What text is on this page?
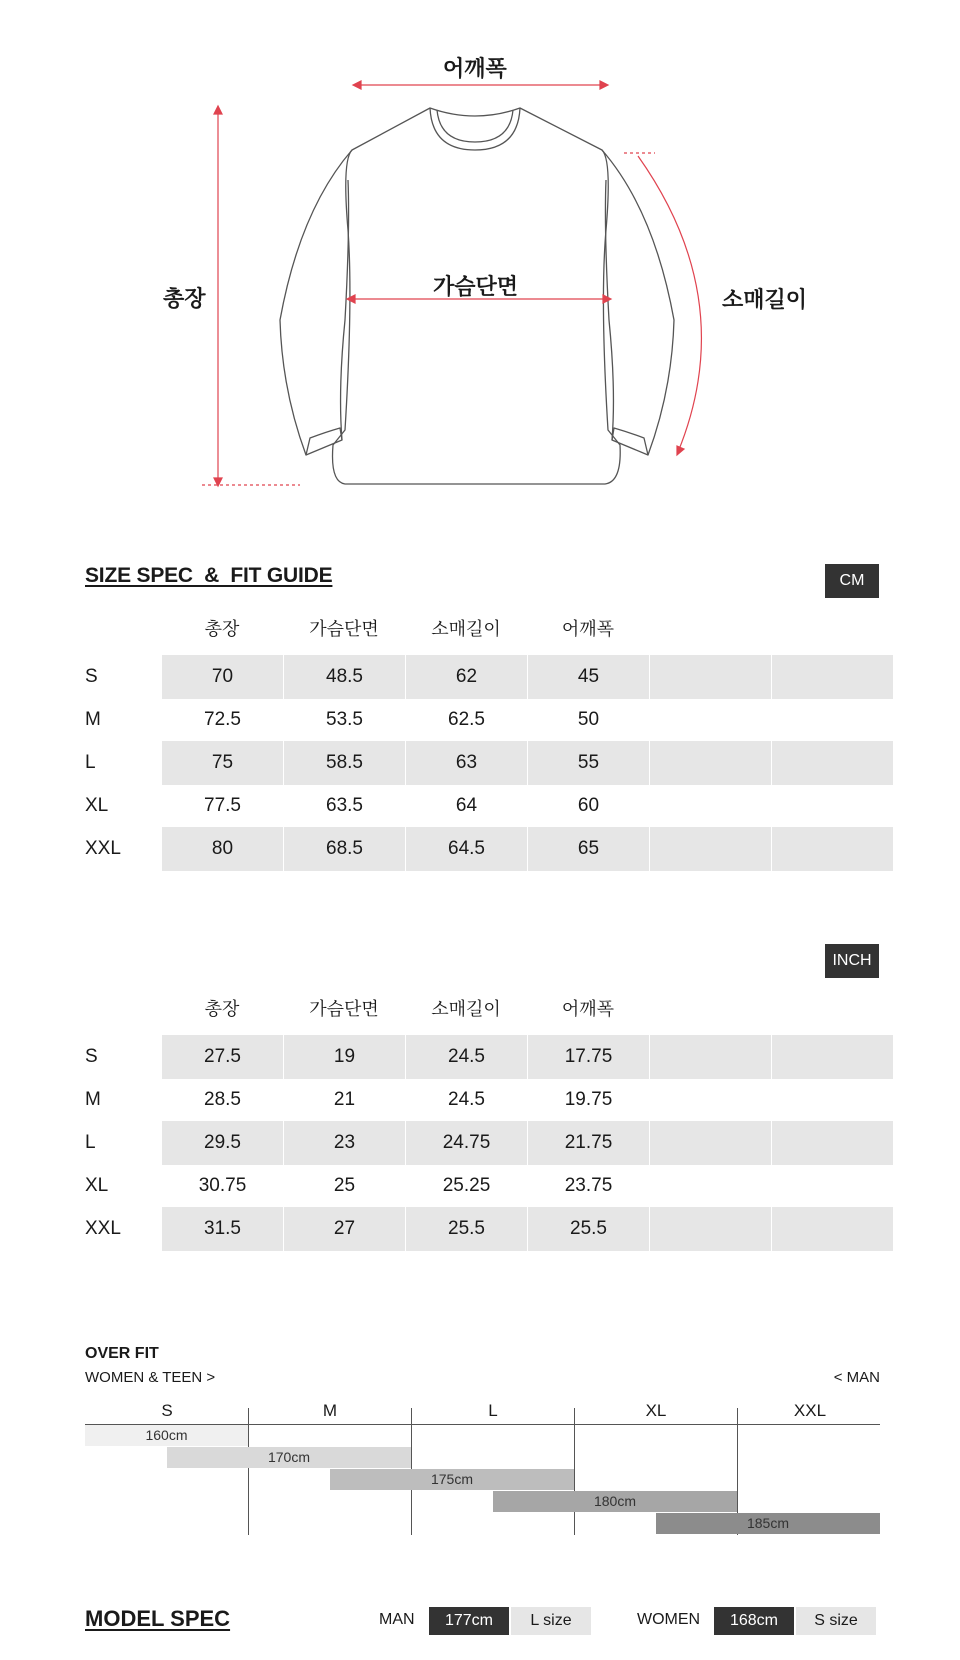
어깨폭
총장	가슴단면
소매길이
SIZE SPEC  &  FIT GUIDE	CM
총장	가슴단면	소매길이	어깨폭
S	70	48.5	62	45
M	72.5	53.5	62.5	50
L	75	58.5	63	55
XL	77.5	63.5	64	60
XXL	80	68.5	64.5	65
INCH
총장	가슴단면	소매길이	어깨폭
S	27.5	19	24.5	17.75
M	28.5	21	24.5	19.75
L	29.5	23	24.75	21.75
XL	30.75	25	25.25	23.75
XXL	31.5	27	25.5	25.5
OVER FIT
WOMEN & TEEN >	< MAN
S	M	L	XL	XXL
160cm
170cm
175cm
180cm
185cm
MODEL SPEC	MAN	177cm	L size	WOMEN	168cm	S size
